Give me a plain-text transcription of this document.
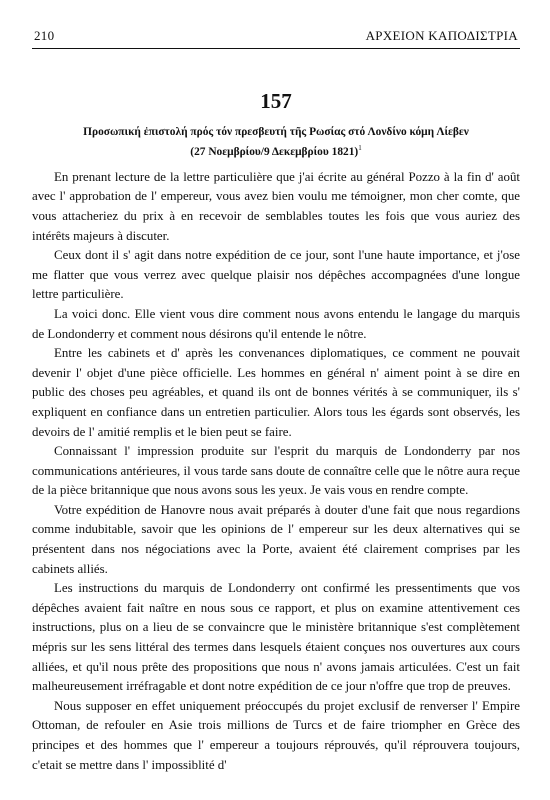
210	ΑΡΧΕΙΟΝ ΚΑΠΟΔΙΣΤΡΙΑ
157
Προσωπική ἐπιστολή πρός τόν πρεσβευτή τῆς Ρωσίας στό Λονδίνο κόμη Λίεβεν
(27 Νοεμβρίου/9 Δεκεμβρίου 1821)$^1$

En prenant lecture de la lettre particulière que j'ai écrite au général Pozzo à la fin d' août avec l' approbation de l' empereur, vous avez bien voulu me témoigner, mon cher comte, que vous attacheriez du prix à en recevoir de semblables toutes les fois que vous auriez des intérêts majeurs à discuter.

Ceux dont il s' agit dans notre expédition de ce jour, sont l'une haute importance, et j'ose me flatter que vous verrez avec quelque plaisir nos dépêches accompagnées d'une longue lettre particulière.

La voici donc. Elle vient vous dire comment nous avons entendu le langage du marquis de Londonderry et comment nous désirons qu'il entende le nôtre.

Entre les cabinets et d' après les convenances diplomatiques, ce comment ne pouvait devenir l' objet d'une pièce officielle. Les hommes en général n' aiment point à se dire en public des choses peu agréables, et quand ils ont de bonnes vérités à se communiquer, ils s' expliquent en confiance dans un entretien particulier. Alors tous les égards sont observés, les devoirs de l' amitié remplis et le bien peut se faire.

Connaissant l' impression produite sur l'esprit du marquis de Londonderry par nos communications antérieures, il vous tarde sans doute de connaître celle que le nôtre aura reçue de la pièce britannique que nous avons sous les yeux. Je vais vous en rendre compte.

Votre expédition de Hanovre nous avait préparés à douter d'une fait que nous regardions comme indubitable, savoir que les opinions de l' empereur sur les deux alternatives qui se présentent dans nos négociations avec la Porte, avaient été clairement comprises par les cabinets alliés.

Les instructions du marquis de Londonderry ont confirmé les pressentiments que vos dépêches avaient fait naître en nous sous ce rapport, et plus on examine attentivement ces instructions, plus on a lieu de se convaincre que le ministère britannique s'est complètement mépris sur les sens littéral des termes dans lesquels étaient conçues nos ouvertures aux cours alliées, et qu'il nous prête des propositions que nous n' avons jamais articulées. C'est un fait malheureusement irréfragable et dont notre expédition de ce jour n'offre que trop de preuves.

Nous supposer en effet uniquement préoccupés du projet exclusif de renverser l' Empire Ottoman, de refouler en Asie trois millions de Turcs et de faire triompher en Grèce des principes et des hommes que l' empereur a toujours réprouvés, qu'il réprouvera toujours, c'etait se mettre dans l' impossiblité d'
